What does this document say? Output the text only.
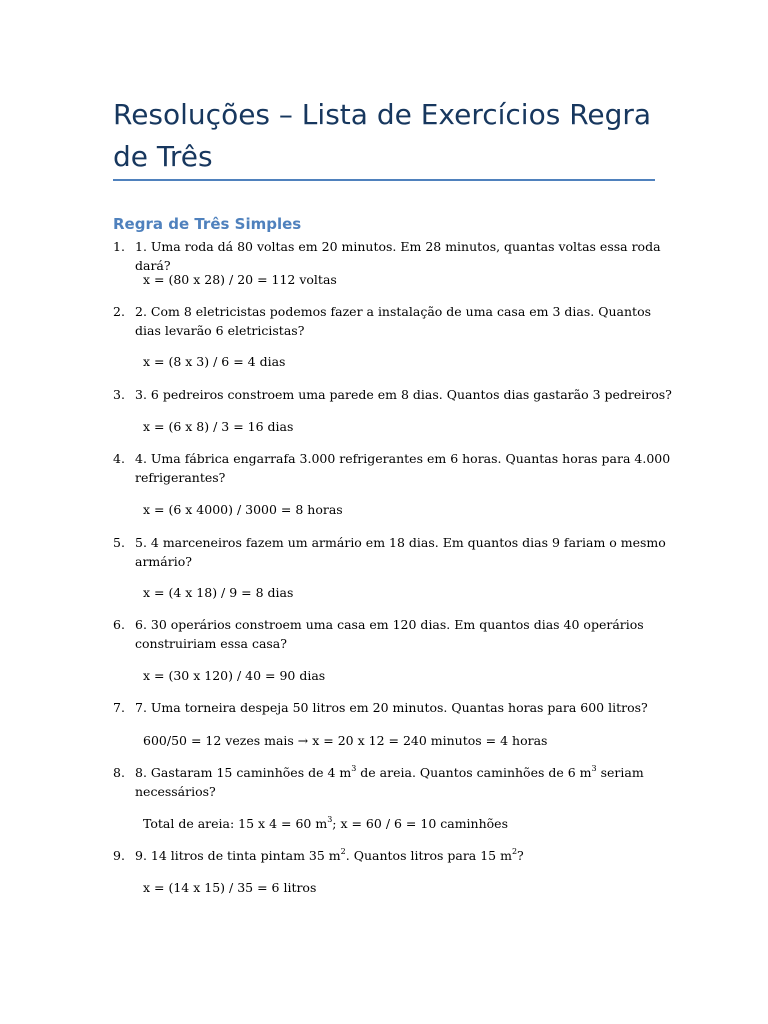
Resoluções – Lista de Exercícios Regra de Três
Regra de Três Simples
1. 1. Uma roda dá 80 voltas em 20 minutos. Em 28 minutos, quantas voltas essa roda dará?
x = (80 x 28) / 20 = 112 voltas
2. 2. Com 8 eletricistas podemos fazer a instalação de uma casa em 3 dias. Quantos dias levarão 6 eletricistas?
x = (8 x 3) / 6 = 4 dias
3. 3. 6 pedreiros constroem uma parede em 8 dias. Quantos dias gastarão 3 pedreiros?
x = (6 x 8) / 3 = 16 dias
4. 4. Uma fábrica engarrafa 3.000 refrigerantes em 6 horas. Quantas horas para 4.000 refrigerantes?
x = (6 x 4000) / 3000 = 8 horas
5. 5. 4 marceneiros fazem um armário em 18 dias. Em quantos dias 9 fariam o mesmo armário?
x = (4 x 18) / 9 = 8 dias
6. 6. 30 operários constroem uma casa em 120 dias. Em quantos dias 40 operários construiriam essa casa?
x = (30 x 120) / 40 = 90 dias
7. 7. Uma torneira despeja 50 litros em 20 minutos. Quantas horas para 600 litros?
600/50 = 12 vezes mais → x = 20 x 12 = 240 minutos = 4 horas
8. 8. Gastaram 15 caminhões de 4 $m^3$ de areia. Quantos caminhões de 6 $m^3$ seriam necessários?
Total de areia: 15 x 4 = 60 $m^3$; x = 60 / 6 = 10 caminhões
9. 9. 14 litros de tinta pintam 35 $m^2$. Quantos litros para 15 $m^2$?
x = (14 x 15) / 35 = 6 litros
